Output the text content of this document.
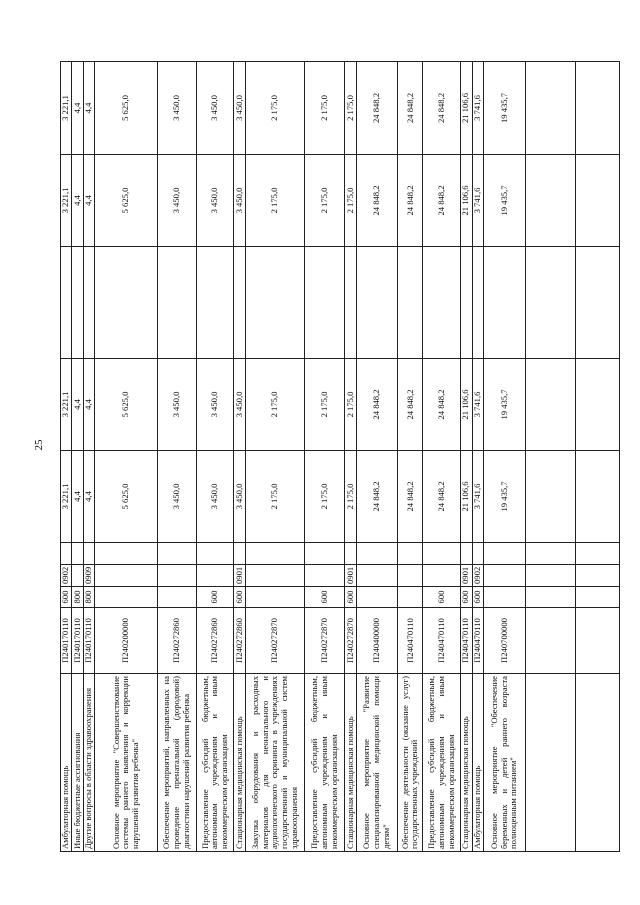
25
Амбулаторная помощь	П240170110	600	0902		3 221,1	3 221,1		3 221,1	3 221,1
Иные бюджетные ассигнования	П240170110	800			4,4	4,4		4,4	4,4
Другие вопросы в области здравоохранения	П240170110	800	0909		4,4	4,4		4,4	4,4
Основное мероприятие "Совершенствование системы раннего выявления и коррекции нарушений развития ребенка"	П240200000				5 625,0	5 625,0		5 625,0	5 625,0
Обеспечение мероприятий, направленных на проведение пренатальной (дородовой) диагностики нарушений развития ребенка	П240272860				3 450,0	3 450,0		3 450,0	3 450,0
Предоставление субсидий бюджетным, автономным учреждениям и иным некоммерческим организациям	П240272860	600			3 450,0	3 450,0		3 450,0	3 450,0
Стационарная медицинская помощь	П240272860	600	0901		3 450,0	3 450,0		3 450,0	3 450,0
Закупка оборудования и расходных материалов для неонатального и аудиологического скрининга в учреждениях государственной и муниципальной систем здравоохранения	П240272870				2 175,0	2 175,0		2 175,0	2 175,0
Предоставление субсидий бюджетным, автономным учреждениям и иным некоммерческим организациям	П240272870	600			2 175,0	2 175,0		2 175,0	2 175,0
Стационарная медицинская помощь	П240272870	600	0901		2 175,0	2 175,0		2 175,0	2 175,0
Основное мероприятие "Развитие специализированной медицинской помощи детям"	П240400000				24 848,2	24 848,2		24 848,2	24 848,2
Обеспечение деятельности (оказание услуг) государственных учреждений	П240470110				24 848,2	24 848,2		24 848,2	24 848,2
Предоставление субсидий бюджетным, автономным учреждениям и иным некоммерческим организациям	П240470110	600			24 848,2	24 848,2		24 848,2	24 848,2
Стационарная медицинская помощь	П240470110	600	0901		21 106,6	21 106,6		21 106,6	21 106,6
Амбулаторная помощь	П240470110	600	0902		3 741,6	3 741,6		3 741,6	3 741,6
Основное мероприятие "Обеспечение беременных и детей раннего возраста полноценным питанием"	П240700000				19 435,7	19 435,7		19 435,7	19 435,7
